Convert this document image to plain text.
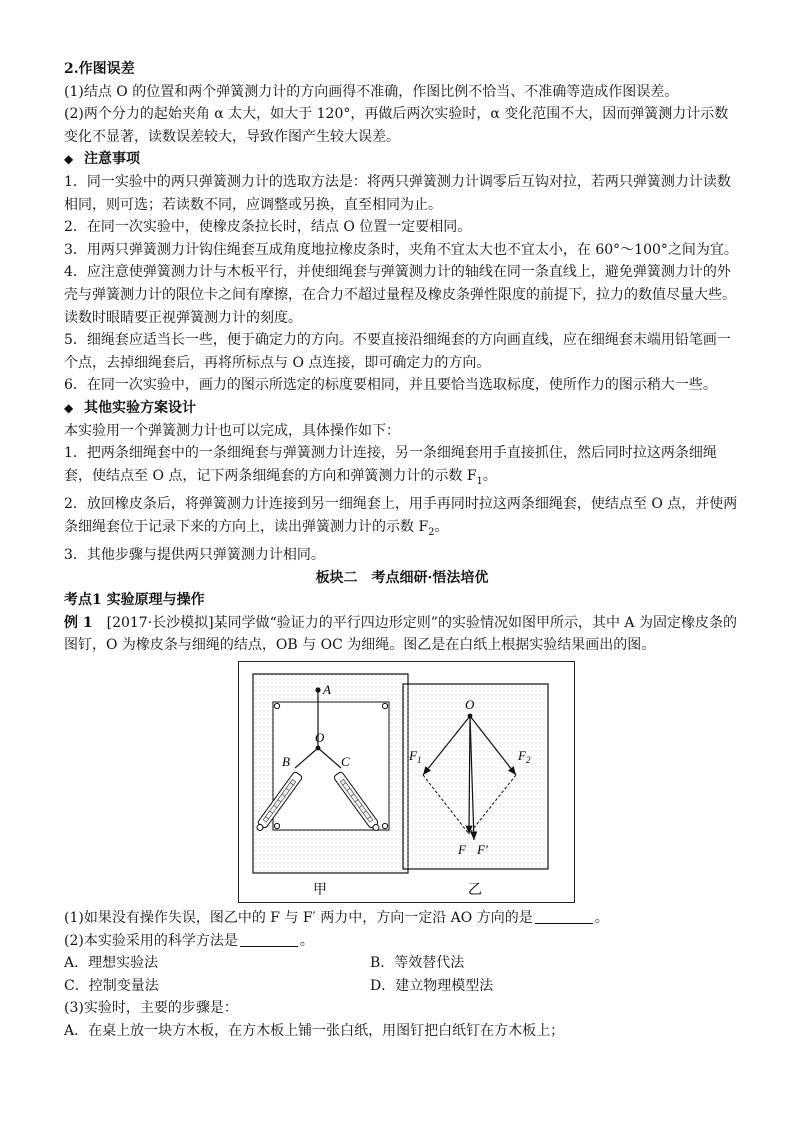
2.作图误差

(1)结点 O 的位置和两个弹簧测力计的方向画得不准确，作图比例不恰当、不准确等造成作图误差。

(2)两个分力的起始夹角 α 太大，如大于 120°，再做后两次实验时，α 变化范围不大，因而弹簧测力计示数变化不显著，读数误差较大，导致作图产生较大误差。

◆ 注意事项

1．同一实验中的两只弹簧测力计的选取方法是：将两只弹簧测力计调零后互钩对拉，若两只弹簧测力计读数相同，则可选；若读数不同，应调整或另换，直至相同为止。

2．在同一次实验中，使橡皮条拉长时，结点 O 位置一定要相同。

3．用两只弹簧测力计钩住绳套互成角度地拉橡皮条时，夹角不宜太大也不宜太小，在 60°～100°之间为宜。

4．应注意使弹簧测力计与木板平行，并使细绳套与弹簧测力计的轴线在同一条直线上，避免弹簧测力计的外壳与弹簧测力计的限位卡之间有摩擦，在合力不超过量程及橡皮条弹性限度的前提下，拉力的数值尽量大些。读数时眼睛要正视弹簧测力计的刻度。

5．细绳套应适当长一些，便于确定力的方向。不要直接沿细绳套的方向画直线，应在细绳套末端用铅笔画一个点，去掉细绳套后，再将所标点与 O 点连接，即可确定力的方向。

6．在同一次实验中，画力的图示所选定的标度要相同，并且要恰当选取标度，使所作力的图示稍大一些。

◆ 其他实验方案设计

本实验用一个弹簧测力计也可以完成，具体操作如下：

1．把两条细绳套中的一条细绳套与弹簧测力计连接，另一条细绳套用手直接抓住，然后同时拉这两条细绳套，使结点至 O 点，记下两条细绳套的方向和弹簧测力计的示数 $F_1$。

2．放回橡皮条后，将弹簧测力计连接到另一细绳套上，用手再同时拉这两条细绳套，使结点至 O 点，并使两条细绳套位于记录下来的方向上，读出弹簧测力计的示数 $F_2$。

3．其他步骤与提供两只弹簧测力计相同。

板块二　考点细研·悟法培优

考点1 实验原理与操作

例 1　[2017·长沙模拟]某同学做“验证力的平行四边形定则”的实验情况如图甲所示，其中 A 为固定橡皮条的图钉，O 为橡皮条与细绳的结点，OB 与 OC 为细绳。图乙是在白纸上根据实验结果画出的图。

A
O
B	C
甲
O
$F_1$	$F_2$
F F′
乙

(1)如果没有操作失误，图乙中的 F 与 F′ 两力中，方向一定沿 AO 方向的是	。

(2)本实验采用的科学方法是	。

A．理想实验法	B．等效替代法
C．控制变量法	D．建立物理模型法

(3)实验时，主要的步骤是：

A．在桌上放一块方木板，在方木板上铺一张白纸，用图钉把白纸钉在方木板上；
